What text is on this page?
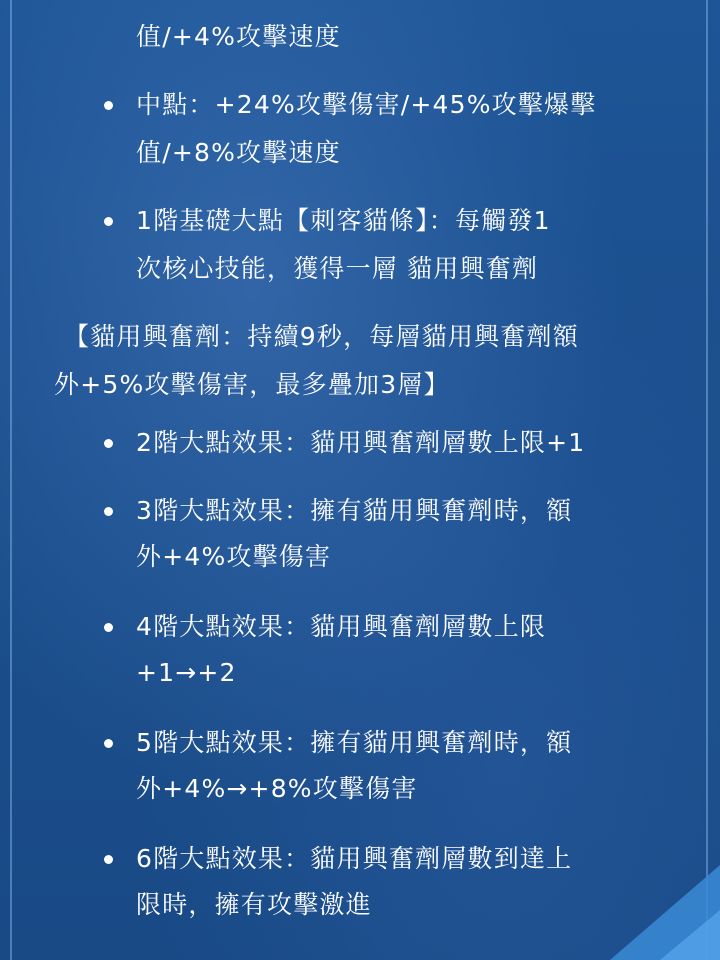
值/+4%攻擊速度
中點：+24%攻擊傷害/+45%攻擊爆擊
值/+8%攻擊速度
1階基礎大點【刺客貓條】：每觸發1
次核心技能，獲得一層 貓用興奮劑
【貓用興奮劑：持續9秒，每層貓用興奮劑額
外+5%攻擊傷害，最多疊加3層】
2階大點效果：貓用興奮劑層數上限+1
3階大點效果：擁有貓用興奮劑時，額
外+4%攻擊傷害
4階大點效果：貓用興奮劑層數上限
+1→+2
5階大點效果：擁有貓用興奮劑時，額
外+4%→+8%攻擊傷害
6階大點效果：貓用興奮劑層數到達上
限時，擁有攻擊激進
